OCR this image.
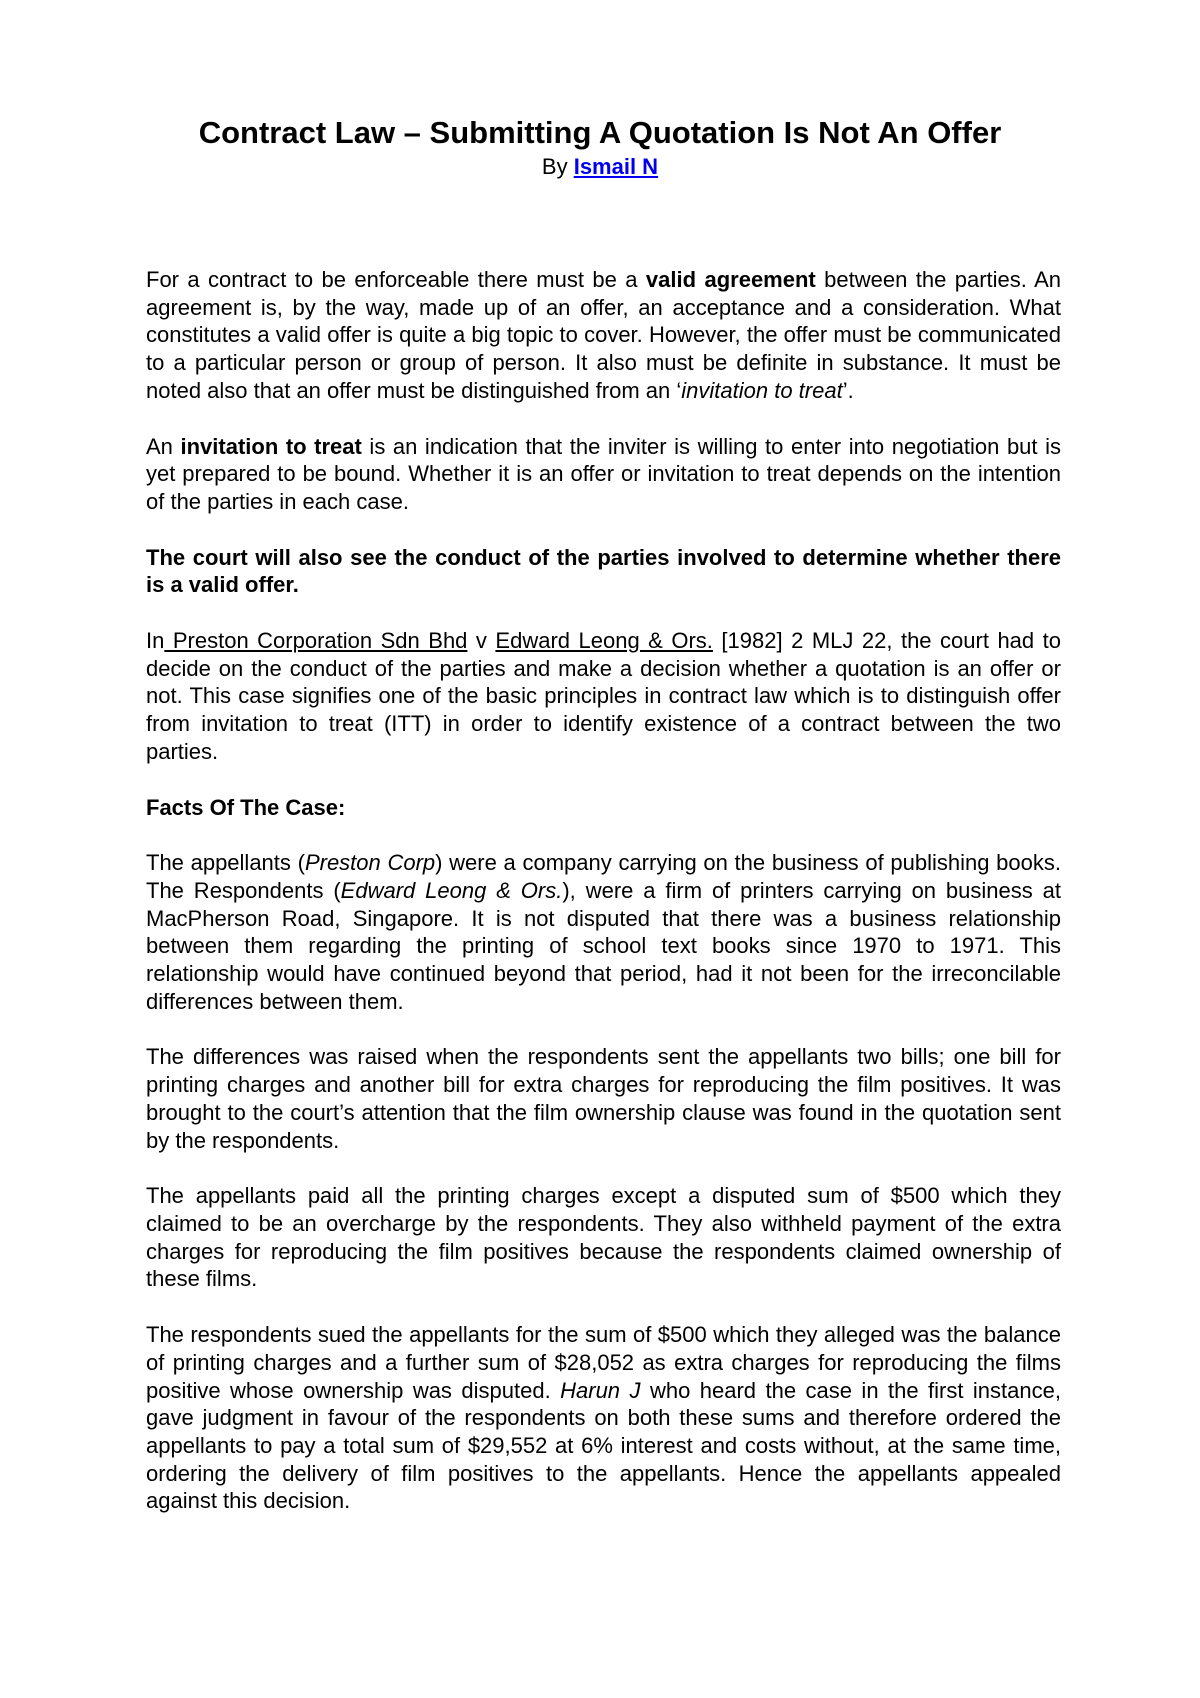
Contract Law – Submitting A Quotation Is Not An Offer
By Ismail N

For a contract to be enforceable there must be a valid agreement between the parties. An agreement is, by the way, made up of an offer, an acceptance and a consideration. What constitutes a valid offer is quite a big topic to cover. However, the offer must be communicated to a particular person or group of person. It also must be definite in substance. It must be noted also that an offer must be distinguished from an ‘invitation to treat’.

An invitation to treat is an indication that the inviter is willing to enter into negotiation but is yet prepared to be bound. Whether it is an offer or invitation to treat depends on the intention of the parties in each case.

The court will also see the conduct of the parties involved to determine whether there is a valid offer.

In Preston Corporation Sdn Bhd v Edward Leong & Ors. [1982] 2 MLJ 22, the court had to decide on the conduct of the parties and make a decision whether a quotation is an offer or not. This case signifies one of the basic principles in contract law which is to distinguish offer from invitation to treat (ITT) in order to identify existence of a contract between the two parties.

Facts Of The Case:

The appellants (Preston Corp) were a company carrying on the business of publishing books. The Respondents (Edward Leong & Ors.), were a firm of printers carrying on business at MacPherson Road, Singapore. It is not disputed that there was a business relationship between them regarding the printing of school text books since 1970 to 1971. This relationship would have continued beyond that period, had it not been for the irreconcilable differences between them.

The differences was raised when the respondents sent the appellants two bills; one bill for printing charges and another bill for extra charges for reproducing the film positives. It was brought to the court’s attention that the film ownership clause was found in the quotation sent by the respondents.

The appellants paid all the printing charges except a disputed sum of $500 which they claimed to be an overcharge by the respondents. They also withheld payment of the extra charges for reproducing the film positives because the respondents claimed ownership of these films.

The respondents sued the appellants for the sum of $500 which they alleged was the balance of printing charges and a further sum of $28,052 as extra charges for reproducing the films positive whose ownership was disputed. Harun J who heard the case in the first instance, gave judgment in favour of the respondents on both these sums and therefore ordered the appellants to pay a total sum of $29,552 at 6% interest and costs without, at the same time, ordering the delivery of film positives to the appellants. Hence the appellants appealed against this decision.
